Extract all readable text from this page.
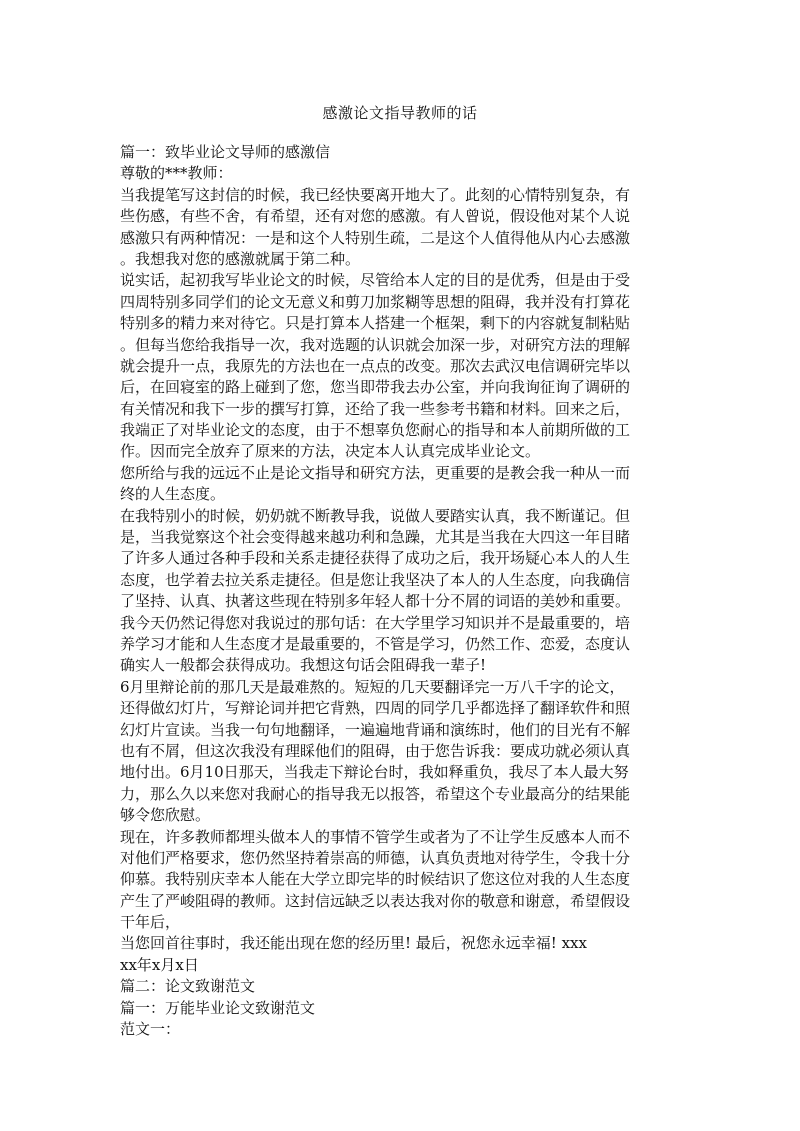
感激论文指导教师的话
篇一：致毕业论文导师的感激信
尊敬的***教师：
当我提笔写这封信的时候，我已经快要离开地大了。此刻的心情特别复杂，有
些伤感，有些不舍，有希望，还有对您的感激。有人曾说，假设他对某个人说
感激只有两种情况：一是和这个人特别生疏，二是这个人值得他从内心去感激
。我想我对您的感激就属于第二种。
说实话，起初我写毕业论文的时候，尽管给本人定的目的是优秀，但是由于受
四周特别多同学们的论文无意义和剪刀加浆糊等思想的阻碍，我并没有打算花
特别多的精力来对待它。只是打算本人搭建一个框架，剩下的内容就复制粘贴
。但每当您给我指导一次，我对选题的认识就会加深一步，对研究方法的理解
就会提升一点，我原先的方法也在一点点的改变。那次去武汉电信调研完毕以
后，在回寝室的路上碰到了您，您当即带我去办公室，并向我询征询了调研的
有关情况和我下一步的撰写打算，还给了我一些参考书籍和材料。回来之后，
我端正了对毕业论文的态度，由于不想辜负您耐心的指导和本人前期所做的工
作。因而完全放弃了原来的方法，决定本人认真完成毕业论文。
您所给与我的远远不止是论文指导和研究方法，更重要的是教会我一种从一而
终的人生态度。
在我特别小的时候，奶奶就不断教导我，说做人要踏实认真，我不断谨记。但
是，当我觉察这个社会变得越来越功利和急躁，尤其是当我在大四这一年目睹
了许多人通过各种手段和关系走捷径获得了成功之后，我开场疑心本人的人生
态度，也学着去拉关系走捷径。但是您让我坚决了本人的人生态度，向我确信
了坚持、认真、执著这些现在特别多年轻人都十分不屑的词语的美妙和重要。
我今天仍然记得您对我说过的那句话：在大学里学习知识并不是最重要的，培
养学习才能和人生态度才是最重要的，不管是学习，仍然工作、恋爱，态度认
确实人一般都会获得成功。我想这句话会阻碍我一辈子!
6月里辩论前的那几天是最难熬的。短短的几天要翻译完一万八千字的论文，
还得做幻灯片，写辩论词并把它背熟，四周的同学几乎都选择了翻译软件和照
幻灯片宣读。当我一句句地翻译，一遍遍地背诵和演练时，他们的目光有不解
也有不屑，但这次我没有理睬他们的阻碍，由于您告诉我：要成功就必须认真
地付出。6月10日那天，当我走下辩论台时，我如释重负，我尽了本人最大努
力，那么久以来您对我耐心的指导我无以报答，希望这个专业最高分的结果能
够令您欣慰。
现在，许多教师都埋头做本人的事情不管学生或者为了不让学生反感本人而不
对他们严格要求，您仍然坚持着崇高的师德，认真负责地对待学生，令我十分
仰慕。我特别庆幸本人能在大学立即完毕的时候结识了您这位对我的人生态度
产生了严峻阻碍的教师。这封信远缺乏以表达我对你的敬意和谢意，希望假设
干年后，
当您回首往事时，我还能出现在您的经历里! 最后，祝您永远幸福! xxx
xx年x月x日
篇二：论文致谢范文
篇一：万能毕业论文致谢范文
范文一：
